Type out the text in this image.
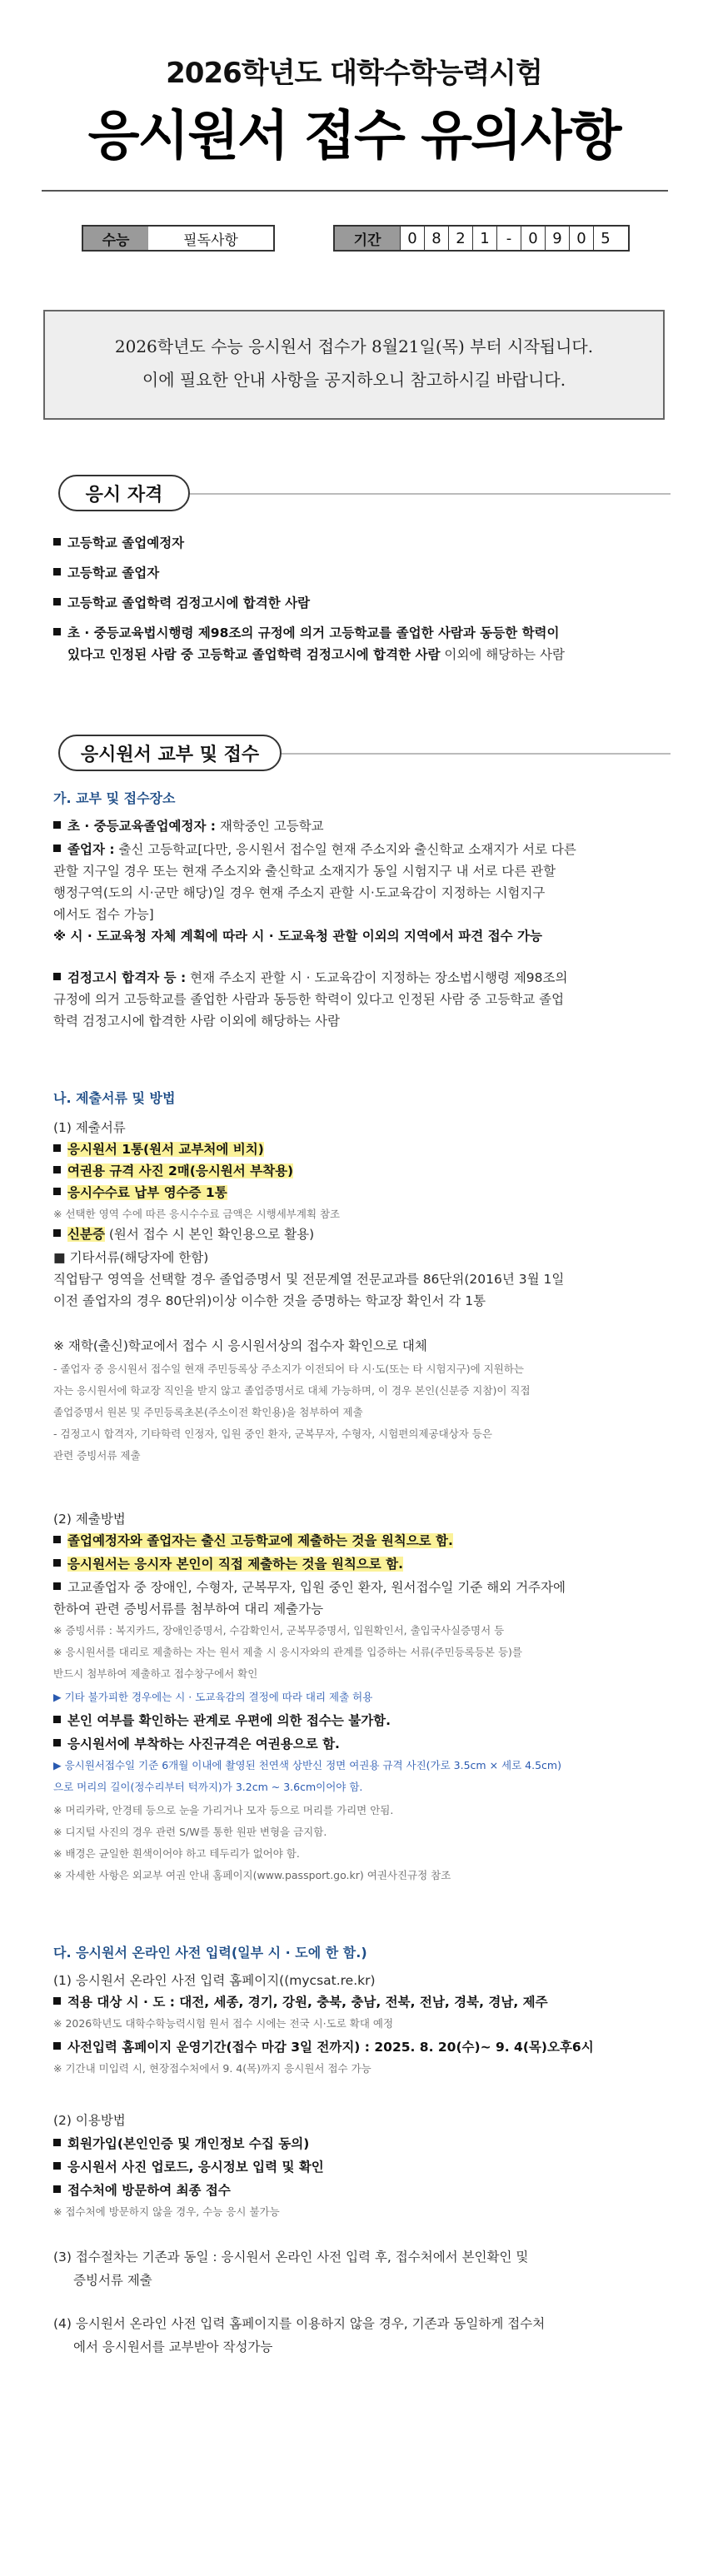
2026학년도 대학수학능력시험
응시원서 접수 유의사항
수능	필독사항	기간	0 8 2 1	-	0 9 0 5
2026학년도 수능 응시원서 접수가 8월21일(목) 부터 시작됩니다.
이에 필요한 안내 사항을 공지하오니 참고하시길 바랍니다.
응시 자격
고등학교 졸업예정자
고등학교 졸업자
고등학교 졸업학력 검정고시에 합격한 사람
초 · 중등교육법시행령 제98조의 규정에 의거 고등학교를 졸업한 사람과 동등한 학력이
있다고 인정된 사람 중 고등학교 졸업학력 검정고시에 합격한 사람 이외에 해당하는 사람
응시원서 교부 및 접수
가. 교부 및 접수장소
초 · 중등교육졸업예정자 : 재학중인 고등학교
졸업자 : 출신 고등학교[다만, 응시원서 접수일 현재 주소지와 출신학교 소재지가 서로 다른
관할 지구일 경우 또는 현재 주소지와 출신학교 소재지가 동일 시험지구 내 서로 다른 관할
행정구역(도의 시·군만 해당)일 경우 현재 주소지 관할 시·도교육감이 지정하는 시험지구
에서도 접수 가능]
※ 시 · 도교육청 자체 계획에 따라 시 · 도교육청 관할 이외의 지역에서 파견 접수 가능
검정고시 합격자 등 : 현재 주소지 관할 시 · 도교육감이 지정하는 장소법시행령 제98조의
규정에 의거 고등학교를 졸업한 사람과 동등한 학력이 있다고 인정된 사람 중 고등학교 졸업
학력 검정고시에 합격한 사람 이외에 해당하는 사람
나. 제출서류 및 방법
(1) 제출서류
응시원서 1통(원서 교부처에 비치)
여권용 규격 사진 2매(응시원서 부착용)
응시수수료 납부 영수증 1통
※ 선택한 영역 수에 따른 응시수수료 금액은 시행세부계획 참조
신분증 (원서 접수 시 본인 확인용으로 활용)
■ 기타서류(해당자에 한함)
직업탐구 영역을 선택할 경우 졸업증명서 및 전문계열 전문교과를 86단위(2016년 3월 1일
이전 졸업자의 경우 80단위)이상 이수한 것을 증명하는 학교장 확인서 각 1통
※ 재학(출신)학교에서 접수 시 응시원서상의 접수자 확인으로 대체
- 졸업자 중 응시원서 접수일 현재 주민등록상 주소지가 이전되어 타 시·도(또는 타 시험지구)에 지원하는
자는 응시원서에 학교장 직인을 받지 않고 졸업증명서로 대체 가능하며, 이 경우 본인(신분증 지참)이 직접
졸업증명서 원본 및 주민등록초본(주소이전 확인용)을 첨부하여 제출
- 검정고시 합격자, 기타학력 인정자, 입원 중인 환자, 군복무자, 수형자, 시험편의제공대상자 등은
관련 증빙서류 제출
(2) 제출방법
졸업예정자와 졸업자는 출신 고등학교에 제출하는 것을 원칙으로 함.
응시원서는 응시자 본인이 직접 제출하는 것을 원칙으로 함.
고교졸업자 중 장애인, 수형자, 군복무자, 입원 중인 환자, 원서접수일 기준 해외 거주자에
한하여 관련 증빙서류를 첨부하여 대리 제출가능
※ 증빙서류 : 복지카드, 장애인증명서, 수감확인서, 군복무증명서, 입원확인서, 출입국사실증명서 등
※ 응시원서를 대리로 제출하는 자는 원서 제출 시 응시자와의 관계를 입증하는 서류(주민등록등본 등)를
반드시 첨부하여 제출하고 접수창구에서 확인
▶ 기타 불가피한 경우에는 시 · 도교육감의 결정에 따라 대리 제출 허용
본인 여부를 확인하는 관계로 우편에 의한 접수는 불가함.
응시원서에 부착하는 사진규격은 여권용으로 함.
▶ 응시원서접수일 기준 6개월 이내에 촬영된 천연색 상반신 정면 여권용 규격 사진(가로 3.5cm × 세로 4.5cm)
으로 머리의 길이(정수리부터 턱까지)가 3.2cm ~ 3.6cm이어야 함.
※ 머리카락, 안경테 등으로 눈을 가리거나 모자 등으로 머리를 가리면 안됨.
※ 디지털 사진의 경우 관련 S/W를 통한 원판 변형을 금지함.
※ 배경은 균일한 흰색이어야 하고 테두리가 없어야 함.
※ 자세한 사항은 외교부 여권 안내 홈페이지(www.passport.go.kr) 여권사진규정 참조
다. 응시원서 온라인 사전 입력(일부 시 · 도에 한 함.)
(1) 응시원서 온라인 사전 입력 홈페이지((mycsat.re.kr)
적용 대상 시 · 도 : 대전, 세종, 경기, 강원, 충북, 충남, 전북, 전남, 경북, 경남, 제주
※ 2026학년도 대학수학능력시험 원서 접수 시에는 전국 시·도로 확대 예정
사전입력 홈페이지 운영기간(접수 마감 3일 전까지) : 2025. 8. 20(수)~ 9. 4(목)오후6시
※ 기간내 미입력 시, 현장접수처에서 9. 4(목)까지 응시원서 접수 가능
(2) 이용방법
회원가입(본인인증 및 개인정보 수집 동의)
응시원서 사진 업로드, 응시정보 입력 및 확인
접수처에 방문하여 최종 접수
※ 접수처에 방문하지 않을 경우, 수능 응시 불가능
(3) 접수절차는 기존과 동일 : 응시원서 온라인 사전 입력 후, 접수처에서 본인확인 및
증빙서류 제출
(4) 응시원서 온라인 사전 입력 홈페이지를 이용하지 않을 경우, 기존과 동일하게 접수처
에서 응시원서를 교부받아 작성가능
